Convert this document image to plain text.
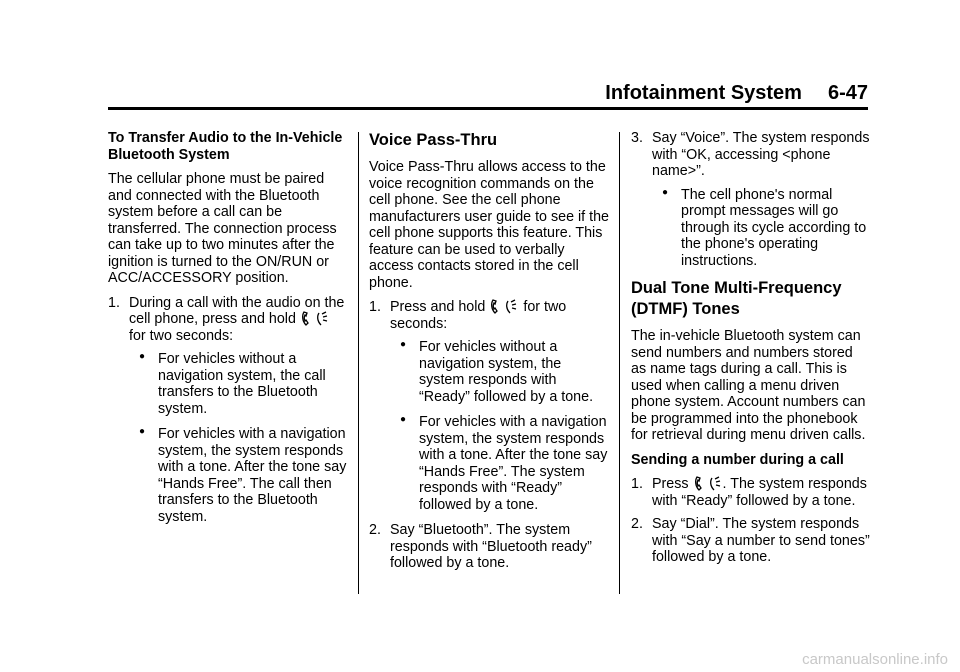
Infotainment System 6-47

To Transfer Audio to the In-Vehicle Bluetooth System

The cellular phone must be paired and connected with the Bluetooth system before a call can be transferred. The connection process can take up to two minutes after the ignition is turned to the ON/RUN or ACC/ACCESSORY position.

1. During a call with the audio on the cell phone, press and hold
for two seconds:
● For vehicles without a navigation system, the call transfers to the Bluetooth system.
● For vehicles with a navigation system, the system responds with a tone. After the tone say “Hands Free”. The call then transfers to the Bluetooth system.
Voice Pass-Thru

Voice Pass-Thru allows access to the voice recognition commands on the cell phone. See the cell phone manufacturers user guide to see if the cell phone supports this feature. This feature can be used to verbally access contacts stored in the cell phone.

1. Press and hold	for two seconds:
● For vehicles without a navigation system, the system responds with “Ready” followed by a tone.
● For vehicles with a navigation system, the system responds with a tone. After the tone say “Hands Free”. The system responds with “Ready” followed by a tone.
2. Say “Bluetooth”. The system responds with “Bluetooth ready” followed by a tone.
3. Say “Voice”. The system responds with “OK, accessing <phone name>”.
● The cell phone's normal prompt messages will go through its cycle according to the phone's operating instructions.
Dual Tone Multi-Frequency (DTMF) Tones

The in-vehicle Bluetooth system can send numbers and numbers stored as name tags during a call. This is used when calling a menu driven phone system. Account numbers can be programmed into the phonebook for retrieval during menu driven calls.

Sending a number during a call

1. Press . The system responds with “Ready” followed by a tone.
2. Say “Dial”. The system responds with “Say a number to send tones” followed by a tone.
carmanualsonline.info
